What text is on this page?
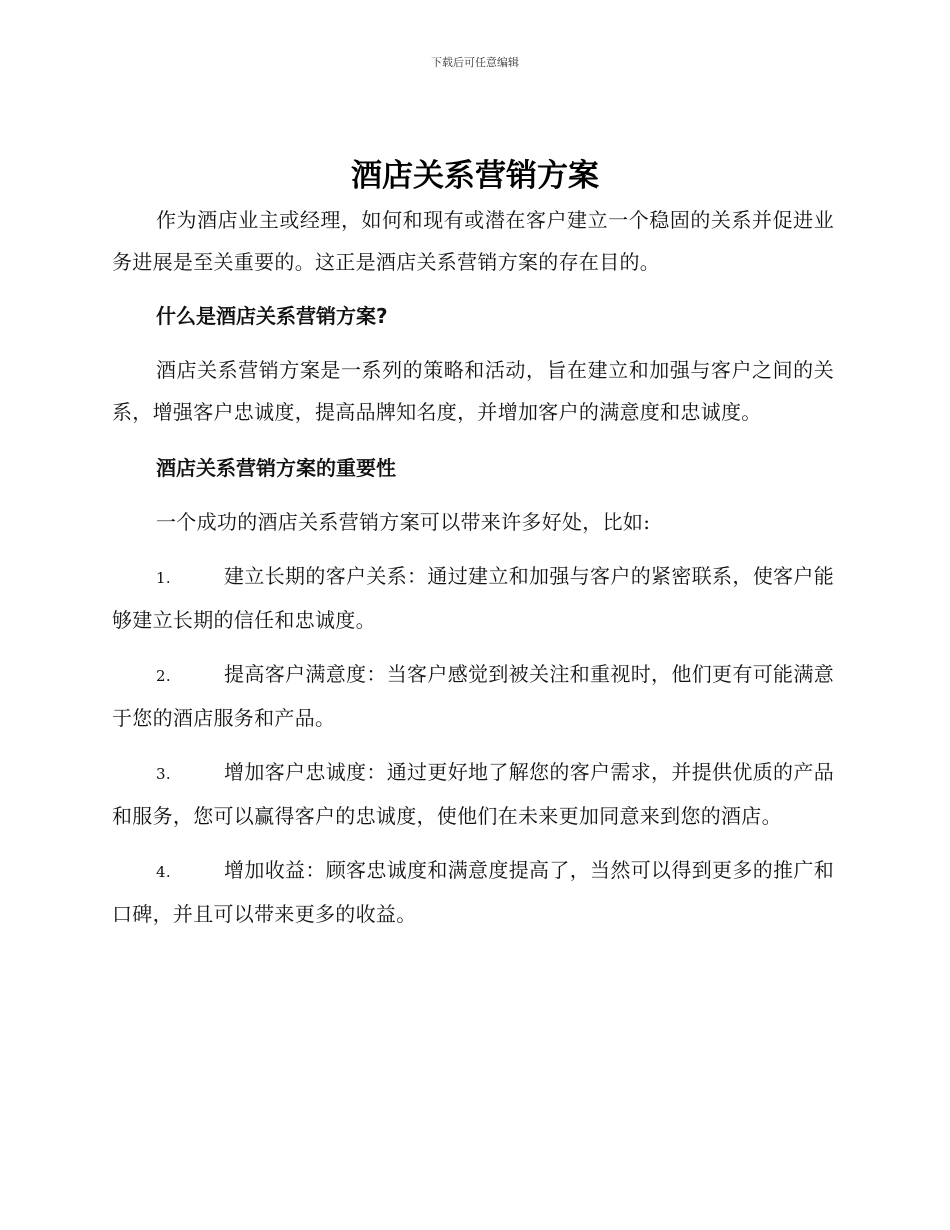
下载后可任意编辑
酒店关系营销方案

作为酒店业主或经理，如何和现有或潜在客户建立一个稳固的关系并促进业务进展是至关重要的。这正是酒店关系营销方案的存在目的。

什么是酒店关系营销方案?

酒店关系营销方案是一系列的策略和活动，旨在建立和加强与客户之间的关系，增强客户忠诚度，提高品牌知名度，并增加客户的满意度和忠诚度。

酒店关系营销方案的重要性

一个成功的酒店关系营销方案可以带来许多好处，比如:

1.	建立长期的客户关系：通过建立和加强与客户的紧密联系，使客户能够建立长期的信任和忠诚度。

2.	提高客户满意度：当客户感觉到被关注和重视时，他们更有可能满意于您的酒店服务和产品。

3.	增加客户忠诚度：通过更好地了解您的客户需求，并提供优质的产品和服务，您可以赢得客户的忠诚度，使他们在未来更加同意来到您的酒店。

4.	增加收益：顾客忠诚度和满意度提高了，当然可以得到更多的推广和口碑，并且可以带来更多的收益。
